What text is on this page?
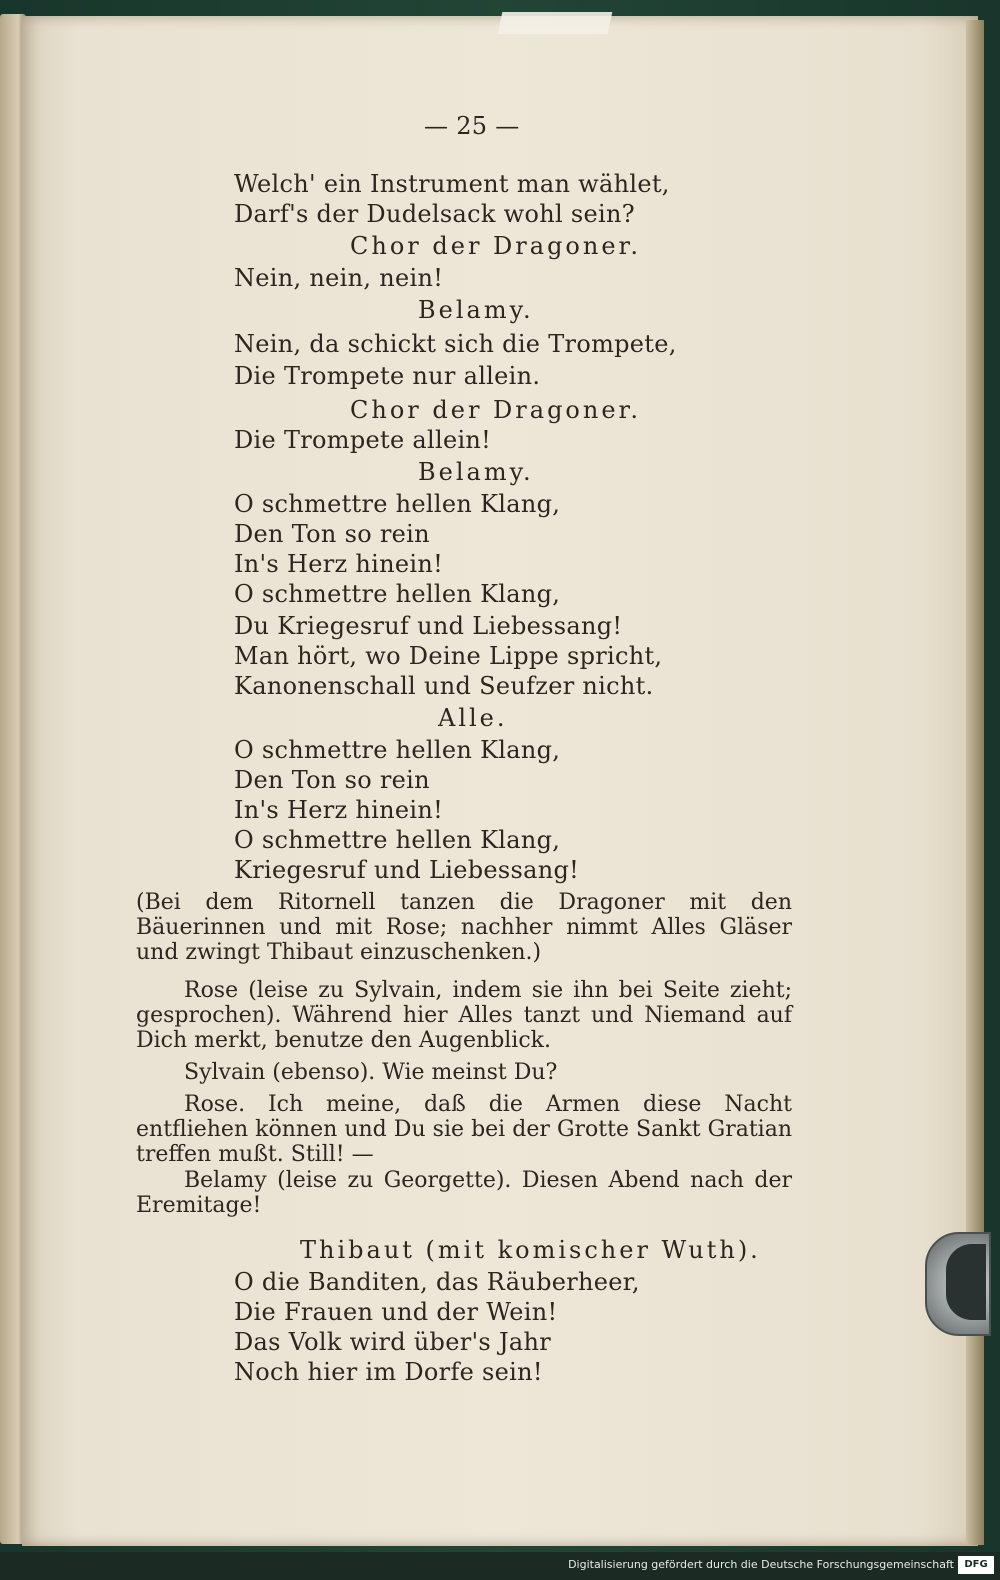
— 25 —
Welch' ein Instrument man wählet,
Darf's der Dudelsack wohl sein?
Chor der Dragoner.
Nein, nein, nein!
Belamy.
Nein, da schickt sich die Trompete,
Die Trompete nur allein.
Chor der Dragoner.
Die Trompete allein!
Belamy.
O schmettre hellen Klang,
Den Ton so rein
In's Herz hinein!
O schmettre hellen Klang,
Du Kriegesruf und Liebessang!
Man hört, wo Deine Lippe spricht,
Kanonenschall und Seufzer nicht.
Alle.
O schmettre hellen Klang,
Den Ton so rein
In's Herz hinein!
O schmettre hellen Klang,
Kriegesruf und Liebessang!
(Bei dem Ritornell tanzen die Dragoner mit den Bäuerinnen und mit Rose; nachher nimmt Alles Gläser und zwingt Thibaut einzuschenken.)
Rose (leise zu Sylvain, indem sie ihn bei Seite zieht; gesprochen). Während hier Alles tanzt und Niemand auf Dich merkt, benutze den Augenblick.
Sylvain (ebenso). Wie meinst Du?
Rose. Ich meine, daß die Armen diese Nacht entfliehen können und Du sie bei der Grotte Sankt Gratian treffen mußt. Still! —
Belamy (leise zu Georgette). Diesen Abend nach der Eremitage!
Thibaut (mit komischer Wuth).
O die Banditen, das Räuberheer,
Die Frauen und der Wein!
Das Volk wird über's Jahr
Noch hier im Dorfe sein!
Digitalisierung gefördert durch die Deutsche Forschungsgemeinschaft	DFG
